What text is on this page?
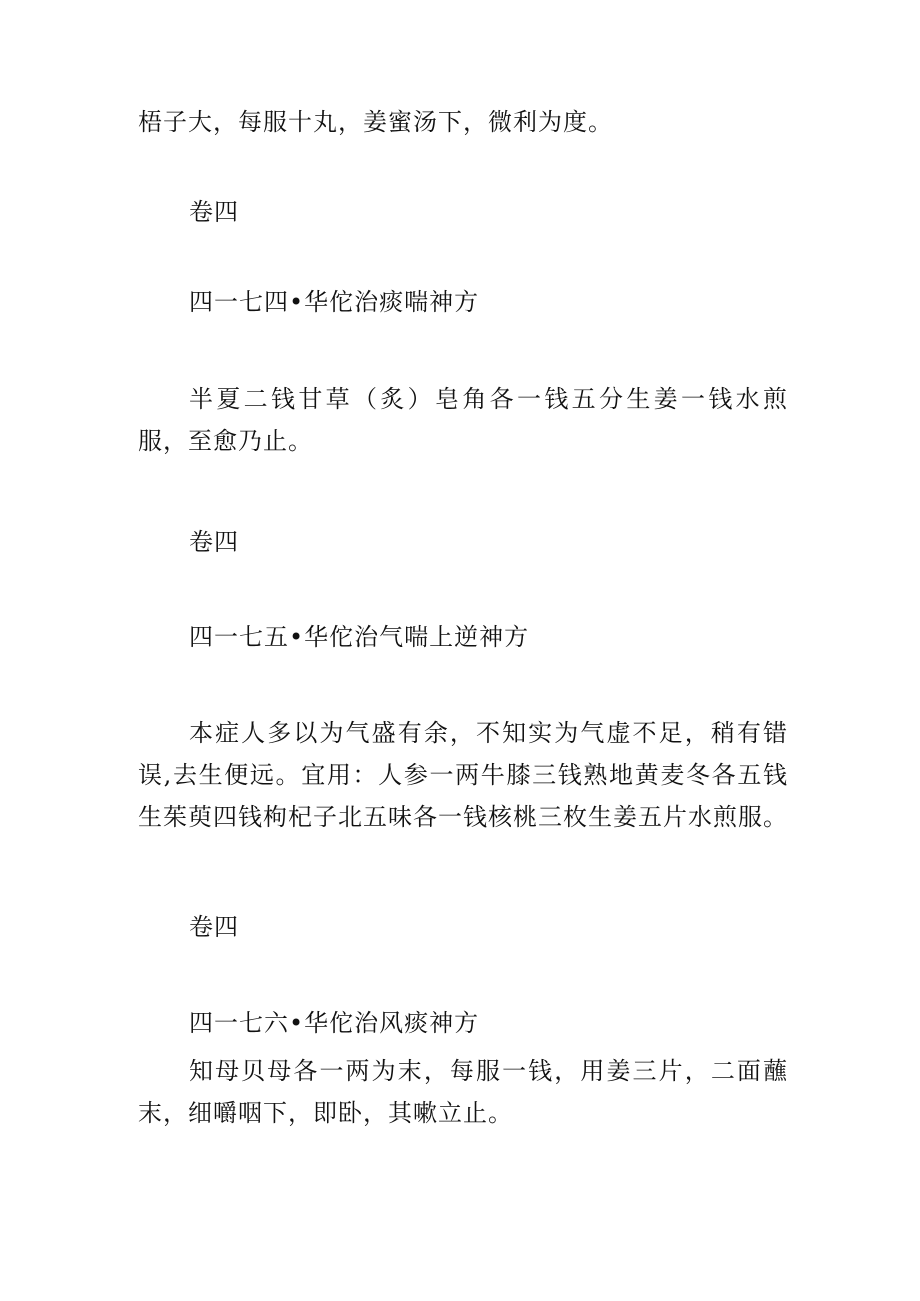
梧子大，每服十丸，姜蜜汤下，微利为度。
卷四
四一七四•华佗治痰喘神方
半夏二钱甘草（炙）皂角各一钱五分生姜一钱水煎服，至愈乃止。
卷四
四一七五•华佗治气喘上逆神方
本症人多以为气盛有余，不知实为气虚不足，稍有错误,去生便远。宜用：人参一两牛膝三钱熟地黄麦冬各五钱生茱萸四钱枸杞子北五味各一钱核桃三枚生姜五片水煎服。
卷四
四一七六•华佗治风痰神方
知母贝母各一两为末，每服一钱，用姜三片，二面蘸末，细嚼咽下，即卧，其嗽立止。
